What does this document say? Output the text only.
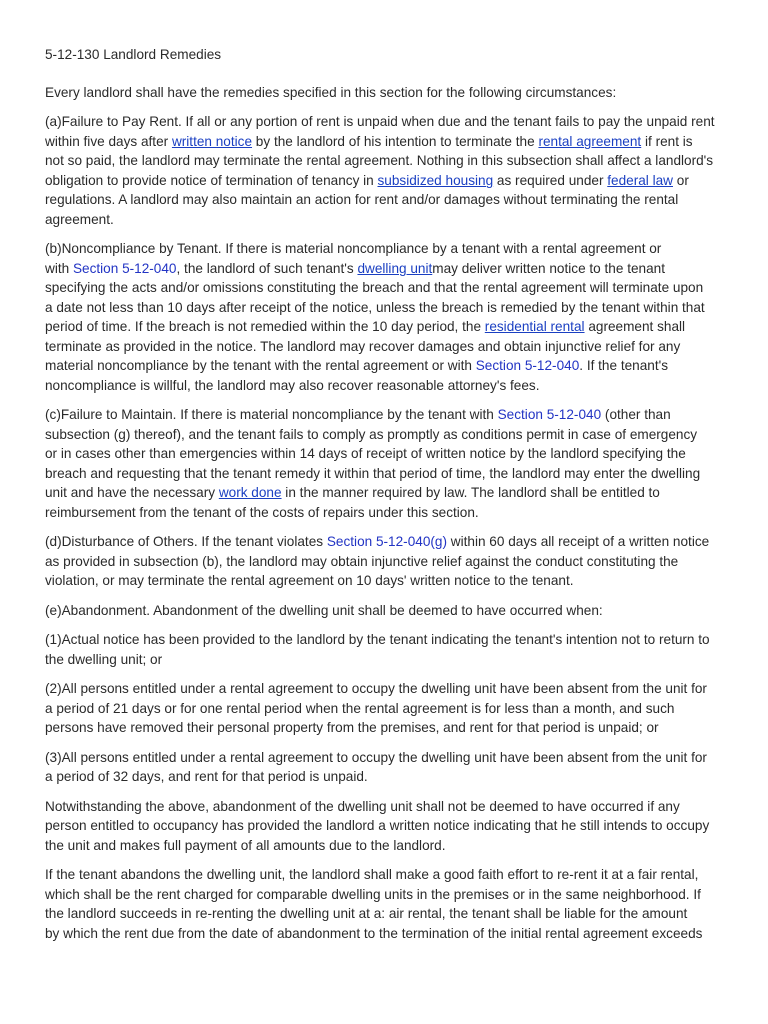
5-12-130 Landlord Remedies

Every landlord shall have the remedies specified in this section for the following circumstances:

(a)Failure to Pay Rent. If all or any portion of rent is unpaid when due and the tenant fails to pay the unpaid rent
within five days after written notice by the landlord of his intention to terminate the rental agreement if rent is
not so paid, the landlord may terminate the rental agreement. Nothing in this subsection shall affect a landlord's
obligation to provide notice of termination of tenancy in subsidized housing as required under federal law or
regulations. A landlord may also maintain an action for rent and/or damages without terminating the rental
agreement.

(b)Noncompliance by Tenant. If there is material noncompliance by a tenant with a rental agreement or
with Section 5-12-040, the landlord of such tenant's dwelling unitmay deliver written notice to the tenant
specifying the acts and/or omissions constituting the breach and that the rental agreement will terminate upon
a date not less than 10 days after receipt of the notice, unless the breach is remedied by the tenant within that
period of time. If the breach is not remedied within the 10 day period, the residential rental agreement shall
terminate as provided in the notice. The landlord may recover damages and obtain injunctive relief for any
material noncompliance by the tenant with the rental agreement or with Section 5-12-040. If the tenant's
noncompliance is willful, the landlord may also recover reasonable attorney's fees.

(c)Failure to Maintain. If there is material noncompliance by the tenant with Section 5-12-040 (other than
subsection (g) thereof), and the tenant fails to comply as promptly as conditions permit in case of emergency
or in cases other than emergencies within 14 days of receipt of written notice by the landlord specifying the
breach and requesting that the tenant remedy it within that period of time, the landlord may enter the dwelling
unit and have the necessary work done in the manner required by law. The landlord shall be entitled to
reimbursement from the tenant of the costs of repairs under this section.

(d)Disturbance of Others. If the tenant violates Section 5-12-040(g) within 60 days all receipt of a written notice
as provided in subsection (b), the landlord may obtain injunctive relief against the conduct constituting the
violation, or may terminate the rental agreement on 10 days' written notice to the tenant.

(e)Abandonment. Abandonment of the dwelling unit shall be deemed to have occurred when:

(1)Actual notice has been provided to the landlord by the tenant indicating the tenant's intention not to return to
the dwelling unit; or

(2)All persons entitled under a rental agreement to occupy the dwelling unit have been absent from the unit for
a period of 21 days or for one rental period when the rental agreement is for less than a month, and such
persons have removed their personal property from the premises, and rent for that period is unpaid; or

(3)All persons entitled under a rental agreement to occupy the dwelling unit have been absent from the unit for
a period of 32 days, and rent for that period is unpaid.

Notwithstanding the above, abandonment of the dwelling unit shall not be deemed to have occurred if any
person entitled to occupancy has provided the landlord a written notice indicating that he still intends to occupy
the unit and makes full payment of all amounts due to the landlord.

If the tenant abandons the dwelling unit, the landlord shall make a good faith effort to re-rent it at a fair rental,
which shall be the rent charged for comparable dwelling units in the premises or in the same neighborhood. If
the landlord succeeds in re-renting the dwelling unit at a: air rental, the tenant shall be liable for the amount
by which the rent due from the date of abandonment to the termination of the initial rental agreement exceeds
